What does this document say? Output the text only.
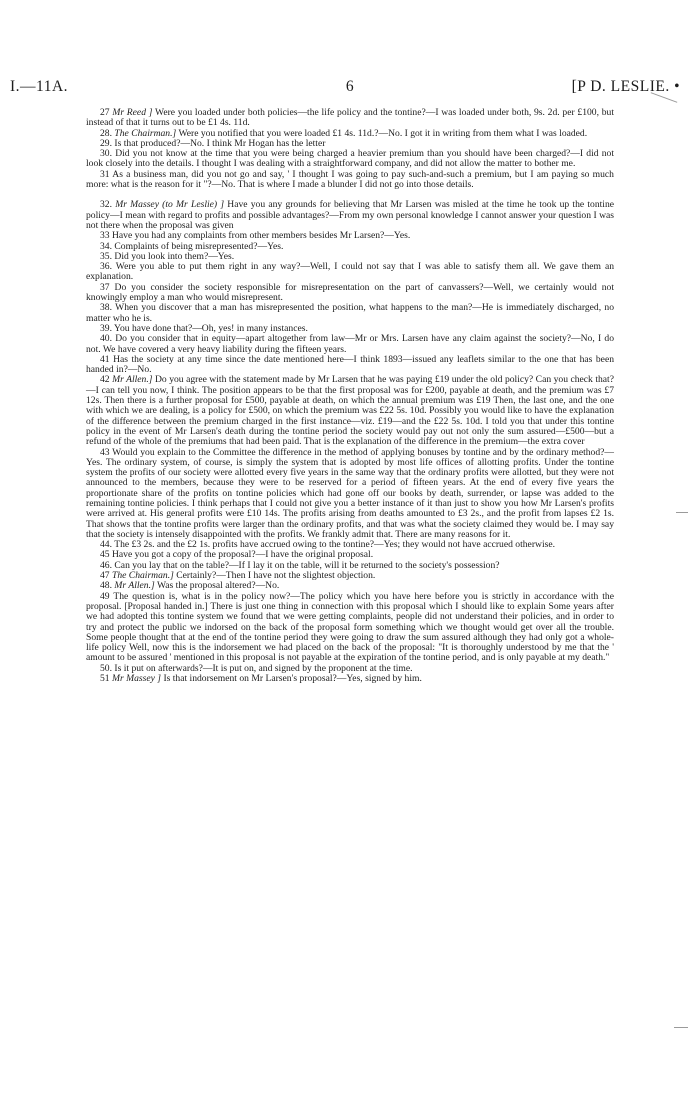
I.—11A.	6	[P D. LESLIE. •
27 Mr Reed ] Were you loaded under both policies—the life policy and the tontine?—I was loaded under both, 9s. 2d. per £100, but instead of that it turns out to be £1 4s. 11d.
28. The Chairman.] Were you notified that you were loaded £1 4s. 11d.?—No. I got it in writing from them what I was loaded.
29. Is that produced?—No. I think Mr Hogan has the letter
30. Did you not know at the time that you were being charged a heavier premium than you should have been charged?—I did not look closely into the details. I thought I was dealing with a straightforward company, and did not allow the matter to bother me.
31 As a business man, did you not go and say, ' I thought I was going to pay such-and-such a premium, but I am paying so much more: what is the reason for it "?—No. That is where I made a blunder I did not go into those details.
32. Mr Massey (to Mr Leslie) ] Have you any grounds for believing that Mr Larsen was misled at the time he took up the tontine policy—I mean with regard to profits and possible advantages?—From my own personal knowledge I cannot answer your question I was not there when the proposal was given
33 Have you had any complaints from other members besides Mr Larsen?—Yes.
34. Complaints of being misrepresented?—Yes.
35. Did you look into them?—Yes.
36. Were you able to put them right in any way?—Well, I could not say that I was able to satisfy them all. We gave them an explanation.
37 Do you consider the society responsible for misrepresentation on the part of canvassers?—Well, we certainly would not knowingly employ a man who would misrepresent.
38. When you discover that a man has misrepresented the position, what happens to the man?—He is immediately discharged, no matter who he is.
39. You have done that?—Oh, yes! in many instances.
40. Do you consider that in equity—apart altogether from law—Mr or Mrs. Larsen have any claim against the society?—No, I do not. We have covered a very heavy liability during the fifteen years.
41 Has the society at any time since the date mentioned here—I think 1893—issued any leaflets similar to the one that has been handed in?—No.
42 Mr Allen.] Do you agree with the statement made by Mr Larsen that he was paying £19 under the old policy? Can you check that?—I can tell you now, I think. The position appears to be that the first proposal was for £200, payable at death, and the premium was £7 12s. Then there is a further proposal for £500, payable at death, on which the annual premium was £19 Then, the last one, and the one with which we are dealing, is a policy for £500, on which the premium was £22 5s. 10d. Possibly you would like to have the explanation of the difference between the premium charged in the first instance—viz. £19—and the £22 5s. 10d. I told you that under this tontine policy in the event of Mr Larsen's death during the tontine period the society would pay out not only the sum assured—£500—but a refund of the whole of the premiums that had been paid. That is the explanation of the difference in the premium—the extra cover
43 Would you explain to the Committee the difference in the method of applying bonuses by tontine and by the ordinary method?—Yes. The ordinary system, of course, is simply the system that is adopted by most life offices of allotting profits. Under the tontine system the profits of our society were allotted every five years in the same way that the ordinary profits were allotted, but they were not announced to the members, because they were to be reserved for a period of fifteen years. At the end of every five years the proportionate share of the profits on tontine policies which had gone off our books by death, surrender, or lapse was added to the remaining tontine policies. I think perhaps that I could not give you a better instance of it than just to show you how Mr Larsen's profits were arrived at. His general profits were £10 14s. The profits arising from deaths amounted to £3 2s., and the profit from lapses £2 1s. That shows that the tontine profits were larger than the ordinary profits, and that was what the society claimed they would be. I may say that the society is intensely disappointed with the profits. We frankly admit that. There are many reasons for it.
44. The £3 2s. and the £2 1s. profits have accrued owing to the tontine?—Yes; they would not have accrued otherwise.
45 Have you got a copy of the proposal?—I have the original proposal.
46. Can you lay that on the table?—If I lay it on the table, will it be returned to the society's possession?
47 The Chairman.] Certainly?—Then I have not the slightest objection.
48. Mr Allen.] Was the proposal altered?—No.
49 The question is, what is in the policy now?—The policy which you have here before you is strictly in accordance with the proposal. [Proposal handed in.] There is just one thing in connection with this proposal which I should like to explain Some years after we had adopted this tontine system we found that we were getting complaints, people did not understand their policies, and in order to try and protect the public we indorsed on the back of the proposal form something which we thought would get over all the trouble. Some people thought that at the end of the tontine period they were going to draw the sum assured although they had only got a whole-life policy Well, now this is the indorsement we had placed on the back of the proposal: "It is thoroughly understood by me that the ' amount to be assured ' mentioned in this proposal is not payable at the expiration of the tontine period, and is only payable at my death."
50. Is it put on afterwards?—It is put on, and signed by the proponent at the time.
51 Mr Massey ] Is that indorsement on Mr Larsen's proposal?—Yes, signed by him.
